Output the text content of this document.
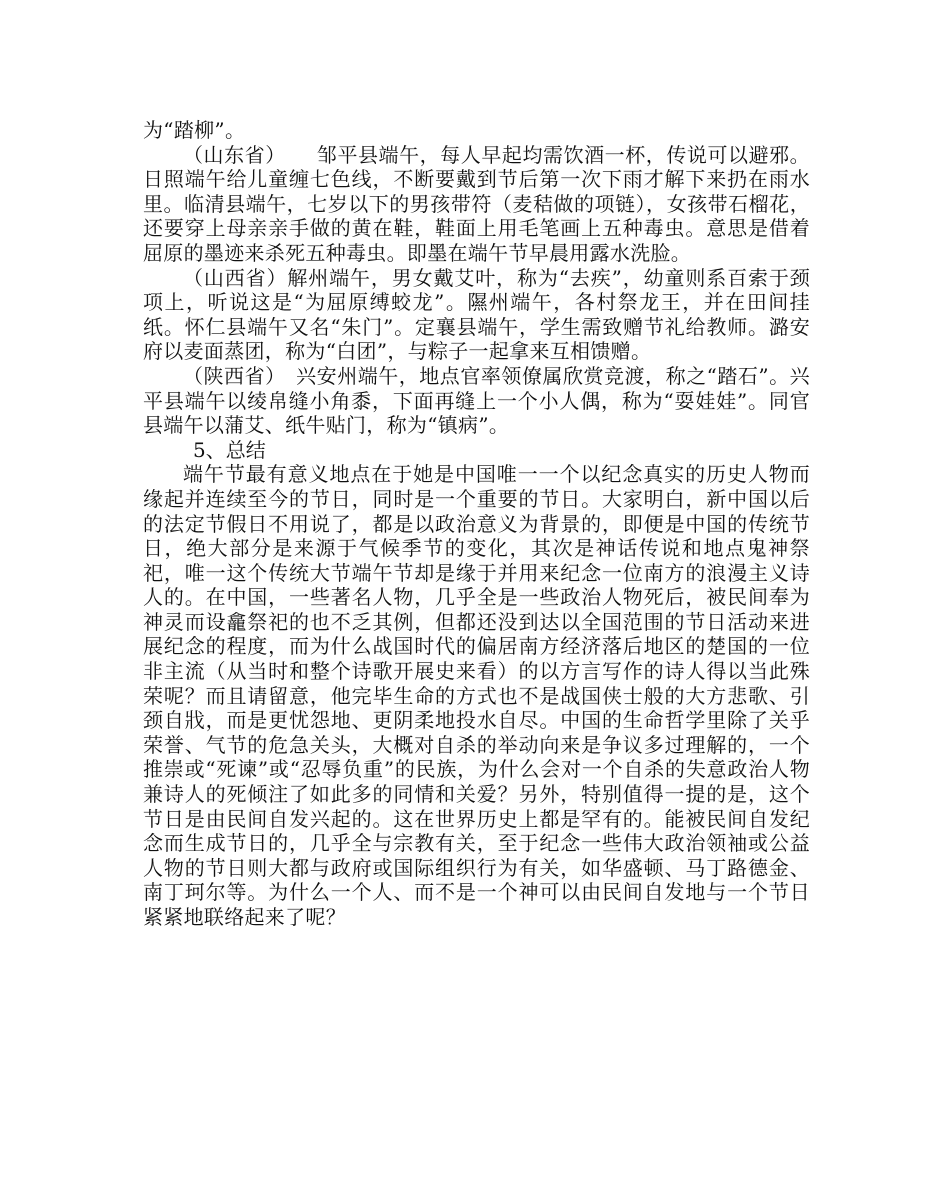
为“踏柳”。

（山东省）　　邹平县端午，每人早起均需饮酒一杯，传说可以避邪。日照端午给儿童缠七色线，不断要戴到节后第一次下雨才解下来扔在雨水里。临清县端午，七岁以下的男孩带符（麦秸做的项链），女孩带石榴花，还要穿上母亲亲手做的黄在鞋，鞋面上用毛笔画上五种毒虫。意思是借着屈原的墨迹来杀死五种毒虫。即墨在端午节早晨用露水洗脸。

（山西省）解州端午，男女戴艾叶，称为“去疾”，幼童则系百索于颈项上，听说这是“为屈原缚蛟龙”。隰州端午，各村祭龙王，并在田间挂纸。怀仁县端午又名“朱门”。定襄县端午，学生需致赠节礼给教师。潞安府以麦面蒸团，称为“白团”，与粽子一起拿来互相馈赠。

（陕西省）　兴安州端午，地点官率领僚属欣赏竞渡，称之“踏石”。兴平县端午以绫帛缝小角黍，下面再缝上一个小人偶，称为“耍娃娃”。同官县端午以蒲艾、纸牛贴门，称为“镇病”。

5、总结

端午节最有意义地点在于她是中国唯一一个以纪念真实的历史人物而缘起并连续至今的节日，同时是一个重要的节日。大家明白，新中国以后的法定节假日不用说了，都是以政治意义为背景的，即便是中国的传统节日，绝大部分是来源于气候季节的变化，其次是神话传说和地点鬼神祭祀，唯一这个传统大节端午节却是缘于并用来纪念一位南方的浪漫主义诗人的。在中国，一些著名人物，几乎全是一些政治人物死后，被民间奉为神灵而设龕祭祀的也不乏其例，但都还没到达以全国范围的节日活动来进展纪念的程度，而为什么战国时代的偏居南方经济落后地区的楚国的一位非主流（从当时和整个诗歌开展史来看）的以方言写作的诗人得以当此殊荣呢？而且请留意，他完毕生命的方式也不是战国侠士般的大方悲歌、引颈自戕，而是更忧怨地、更阴柔地投水自尽。中国的生命哲学里除了关乎荣誉、气节的危急关头，大概对自杀的举动向来是争议多过理解的，一个推崇或“死谏”或“忍辱负重”的民族，为什么会对一个自杀的失意政治人物兼诗人的死倾注了如此多的同情和关爱？另外，特别值得一提的是，这个节日是由民间自发兴起的。这在世界历史上都是罕有的。能被民间自发纪念而生成节日的，几乎全与宗教有关，至于纪念一些伟大政治领袖或公益人物的节日则大都与政府或国际组织行为有关，如华盛顿、马丁路德金、南丁珂尔等。为什么一个人、而不是一个神可以由民间自发地与一个节日紧紧地联络起来了呢？
